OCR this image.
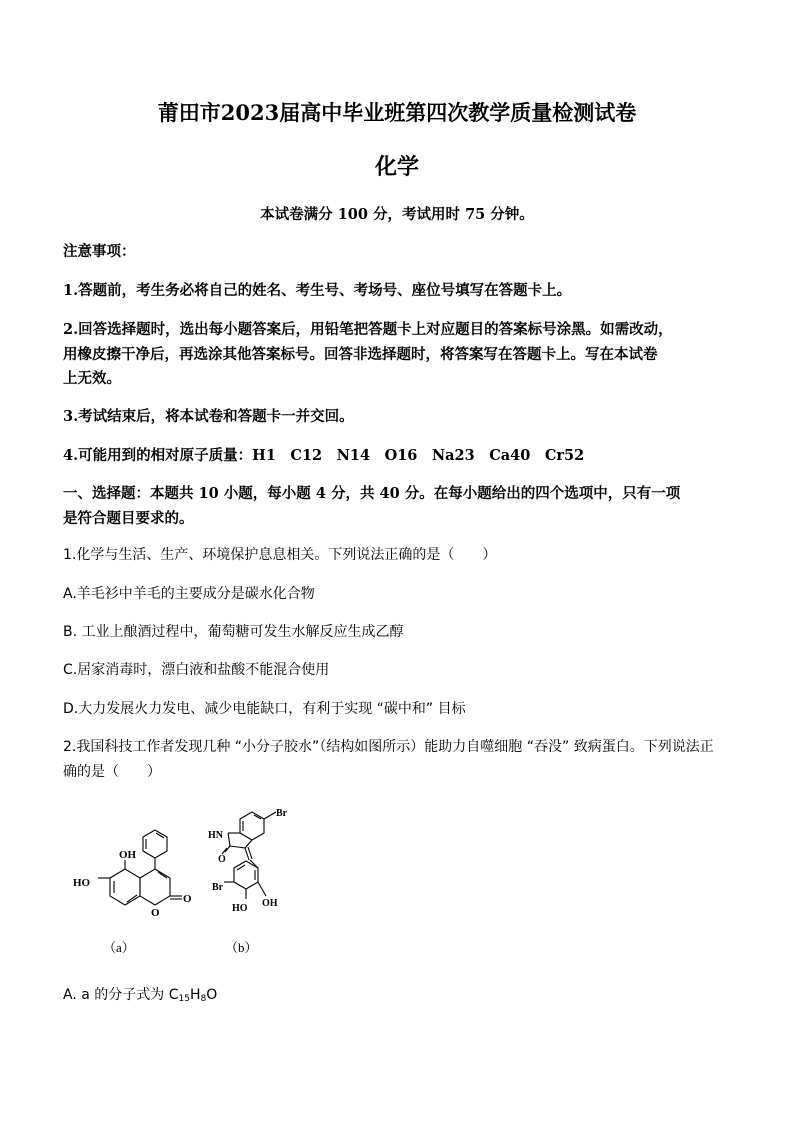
莆田市2023届高中毕业班第四次教学质量检测试卷
化学
本试卷满分 100 分，考试用时 75 分钟。
注意事项：
1.答题前，考生务必将自己的姓名、考生号、考场号、座位号填写在答题卡上。
2.回答选择题时，选出每小题答案后，用铅笔把答题卡上对应题目的答案标号涂黑。如需改动，
用橡皮擦干净后，再选涂其他答案标号。回答非选择题时，将答案写在答题卡上。写在本试卷
上无效。
3.考试结束后，将本试卷和答题卡一并交回。
4.可能用到的相对原子质量：H1　C12　N14　O16　Na23　Ca40　Cr52
一、选择题：本题共 10 小题，每小题 4 分，共 40 分。在每小题给出的四个选项中，只有一项
是符合题目要求的。
1.化学与生活、生产、环境保护息息相关。下列说法正确的是（　　）
A.羊毛衫中羊毛的主要成分是碳水化合物
B. 工业上酿酒过程中，葡萄糖可发生水解反应生成乙醇
C.居家消毒时，漂白液和盐酸不能混合使用
D.大力发展火力发电、减少电能缺口，有利于实现 “碳中和” 目标
2.我国科技工作者发现几种 “小分子胶水”（结构如图所示）能助力自噬细胞 “吞没” 致病蛋白。下列说法正
确的是（　　）
HO
OH
O
O
Br
HN
O
Br
HO OH
（a）	（b）
A. a 的分子式为 $C_{15}H_8O$
